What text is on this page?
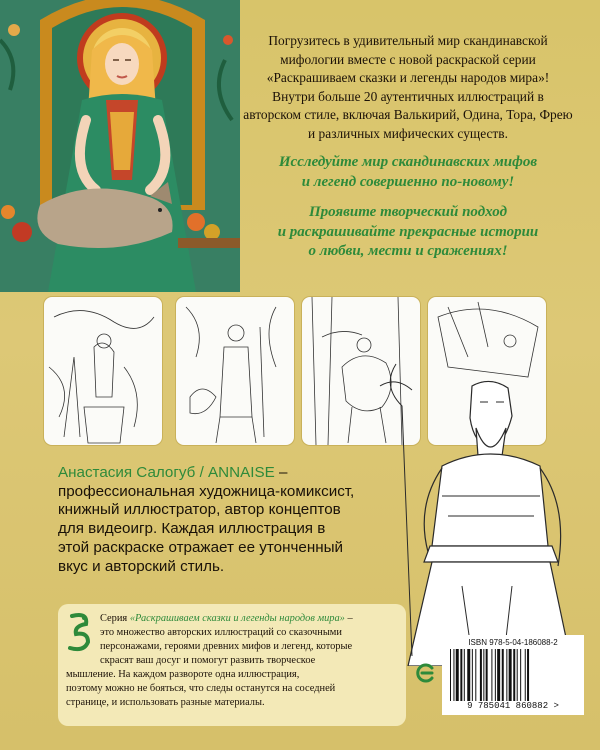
Погрузитесь в удивительный мир скандинавской
мифологии вместе с новой раскраской серии
«Раскрашиваем сказки и легенды народов мира»!
Внутри больше 20 аутентичных иллюстраций в
авторском стиле, включая Валькирий, Одина, Тора, Фрею
и различных мифических существ.
Исследуйте мир скандинавских мифов
и легенд совершенно по-новому!
Проявите творческий подход
и раскрашивайте прекрасные истории
о любви, мести и сражениях!
Анастасия Салогуб / ANNAISE –
профессиональная художница-комиксист,
книжный иллюстратор, автор концептов
для видеоигр. Каждая иллюстрация в
этой раскраске отражает ее утонченный
вкус и авторский стиль.
Серия «Раскрашиваем сказки и легенды народов мира» –
это множество авторских иллюстраций со сказочными
персонажами, героями древних мифов и легенд, которые
скрасят ваш досуг и помогут развить творческое
мышление. На каждом развороте одна иллюстрация,
поэтому можно не бояться, что следы останутся на соседней
странице, и использовать разные материалы.
ISBN 978-5-04-186088-2
9 785041 860882 >
